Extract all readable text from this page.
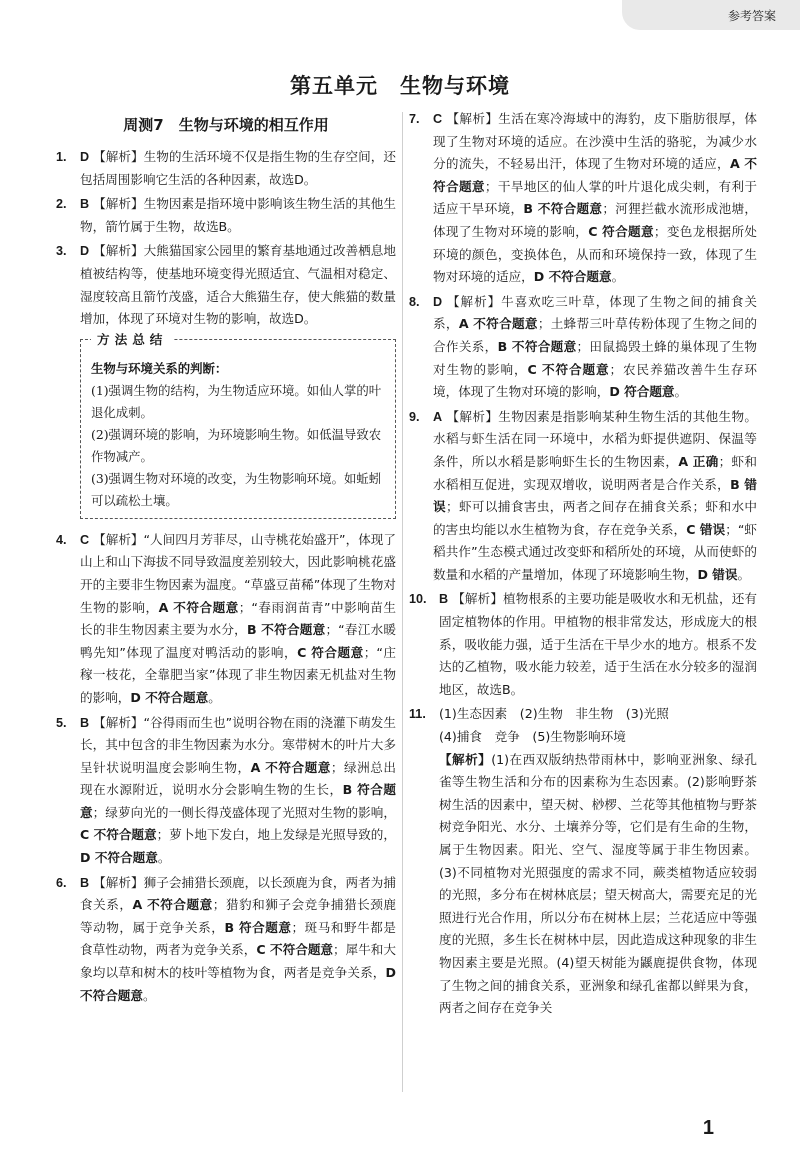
参考答案
第五单元 生物与环境
周测7　生物与环境的相互作用
1. D 【解析】生物的生活环境不仅是指生物的生存空间，还包括周围影响它生活的各种因素，故选D。
2. B 【解析】生物因素是指环境中影响该生物生活的其他生物，箭竹属于生物，故选B。
3. D 【解析】大熊猫国家公园里的繁育基地通过改善栖息地植被结构等，使基地环境变得光照适宜、气温相对稳定、湿度较高且箭竹茂盛，适合大熊猫生存，使大熊猫的数量增加，体现了环境对生物的影响，故选D。
方法总结
生物与环境关系的判断：
(1)强调生物的结构，为生物适应环境。如仙人掌的叶退化成刺。
(2)强调环境的影响，为环境影响生物。如低温导致农作物减产。
(3)强调生物对环境的改变，为生物影响环境。如蚯蚓可以疏松土壤。
4. C 【解析】“人间四月芳菲尽，山寺桃花始盛开”，体现了山上和山下海拔不同导致温度差别较大，因此影响桃花盛开的主要非生物因素为温度。“草盛豆苗稀”体现了生物对生物的影响，A 不符合题意；“春雨润苗青”中影响苗生长的非生物因素主要为水分，B 不符合题意；“春江水暖鸭先知”体现了温度对鸭活动的影响，C 符合题意；“庄稼一枝花，全靠肥当家”体现了非生物因素无机盐对生物的影响，D 不符合题意。
5. B 【解析】“谷得雨而生也”说明谷物在雨的浇灌下萌发生长，其中包含的非生物因素为水分。寒带树木的叶片大多呈针状说明温度会影响生物，A 不符合题意；绿洲总出现在水源附近，说明水分会影响生物的生长，B 符合题意；绿萝向光的一侧长得茂盛体现了光照对生物的影响，C 不符合题意；萝卜地下发白，地上发绿是光照导致的，D 不符合题意。
6. B 【解析】狮子会捕猎长颈鹿，以长颈鹿为食，两者为捕食关系，A 不符合题意；猎豹和狮子会竞争捕猎长颈鹿等动物，属于竞争关系，B 符合题意；斑马和野牛都是食草性动物，两者为竞争关系，C 不符合题意；犀牛和大象均以草和树木的枝叶等植物为食，两者是竞争关系，D 不符合题意。
7. C 【解析】生活在寒冷海域中的海豹，皮下脂肪很厚，体现了生物对环境的适应。在沙漠中生活的骆驼，为减少水分的流失，不轻易出汗，体现了生物对环境的适应，A 不符合题意；干旱地区的仙人掌的叶片退化成尖刺，有利于适应干旱环境，B 不符合题意；河狸拦截水流形成池塘，体现了生物对环境的影响，C 符合题意；变色龙根据所处环境的颜色，变换体色，从而和环境保持一致，体现了生物对环境的适应，D 不符合题意。
8. D 【解析】牛喜欢吃三叶草，体现了生物之间的捕食关系，A 不符合题意；土蜂帮三叶草传粉体现了生物之间的合作关系，B 不符合题意；田鼠捣毁土蜂的巢体现了生物对生物的影响，C 不符合题意；农民养猫改善牛生存环境，体现了生物对环境的影响，D 符合题意。
9. A 【解析】生物因素是指影响某种生物生活的其他生物。水稻与虾生活在同一环境中，水稻为虾提供遮阴、保温等条件，所以水稻是影响虾生长的生物因素，A 正确；虾和水稻相互促进，实现双增收，说明两者是合作关系，B 错误；虾可以捕食害虫，两者之间存在捕食关系；虾和水中的害虫均能以水生植物为食，存在竞争关系，C 错误；“虾稻共作”生态模式通过改变虾和稻所处的环境，从而使虾的数量和水稻的产量增加，体现了环境影响生物，D 错误。
10. B 【解析】植物根系的主要功能是吸收水和无机盐，还有固定植物体的作用。甲植物的根非常发达，形成庞大的根系，吸收能力强，适于生活在干旱少水的地方。根系不发达的乙植物，吸水能力较差，适于生活在水分较多的湿润地区，故选B。
11. (1)生态因素　(2)生物　非生物　(3)光照
(4)捕食　竞争　(5)生物影响环境
【解析】(1)在西双版纳热带雨林中，影响亚洲象、绿孔雀等生物生活和分布的因素称为生态因素。(2)影响野茶树生活的因素中，望天树、桫椤、兰花等其他植物与野茶树竞争阳光、水分、土壤养分等，它们是有生命的生物，属于生物因素。阳光、空气、湿度等属于非生物因素。(3)不同植物对光照强度的需求不同，蕨类植物适应较弱的光照，多分布在树林底层；望天树高大，需要充足的光照进行光合作用，所以分布在树林上层；兰花适应中等强度的光照，多生长在树林中层，因此造成这种现象的非生物因素主要是光照。(4)望天树能为鼷鹿提供食物，体现了生物之间的捕食关系，亚洲象和绿孔雀都以鲜果为食，两者之间存在竞争关
1
